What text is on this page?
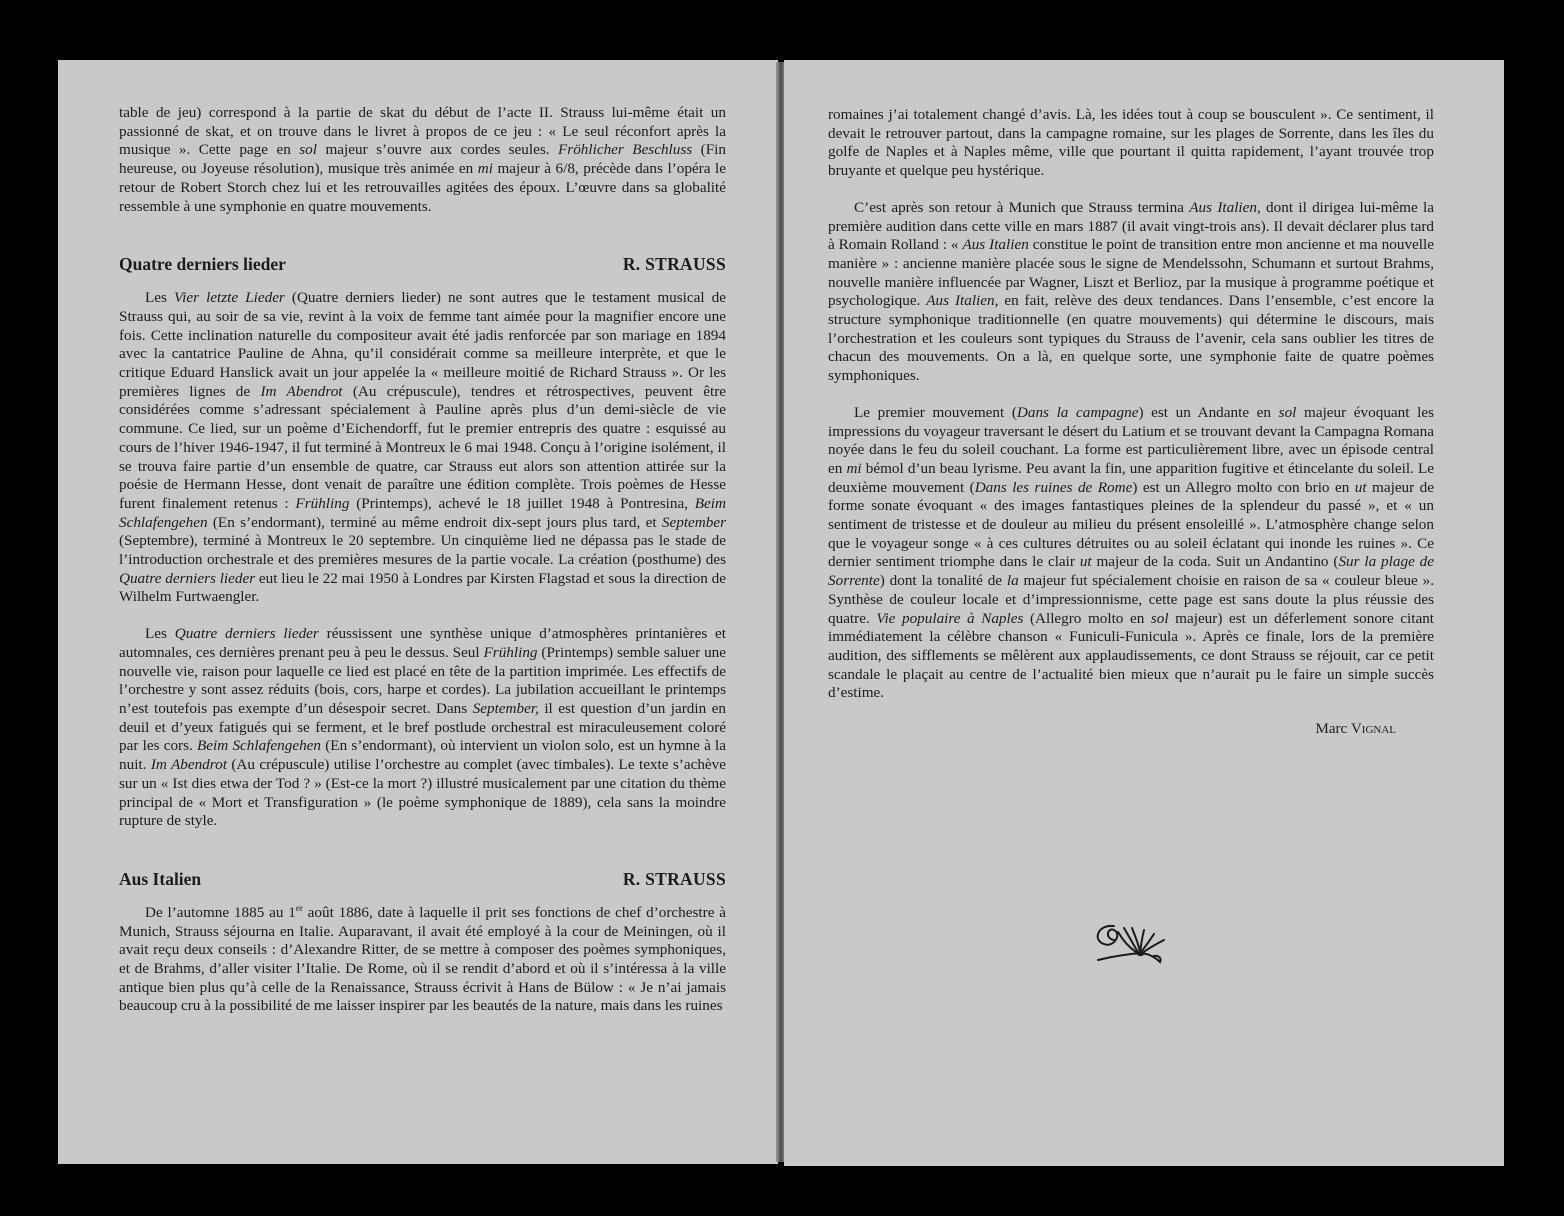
table de jeu) correspond à la partie de skat du début de l’acte II. Strauss lui-même était un passionné de skat, et on trouve dans le livret à propos de ce jeu : « Le seul réconfort après la musique ». Cette page en sol majeur s’ouvre aux cordes seules. Fröhlicher Beschluss (Fin heureuse, ou Joyeuse résolution), musique très animée en mi majeur à 6/8, précède dans l’opéra le retour de Robert Storch chez lui et les retrouvailles agitées des époux. L’œuvre dans sa globalité ressemble à une symphonie en quatre mouvements.

Quatre derniers lieder	R. STRAUSS

Les Vier letzte Lieder (Quatre derniers lieder) ne sont autres que le testament musical de Strauss qui, au soir de sa vie, revint à la voix de femme tant aimée pour la magnifier encore une fois. Cette inclination naturelle du compositeur avait été jadis renforcée par son mariage en 1894 avec la cantatrice Pauline de Ahna, qu’il considérait comme sa meilleure interprète, et que le critique Eduard Hanslick avait un jour appelée la « meilleure moitié de Richard Strauss ». Or les premières lignes de Im Abendrot (Au crépuscule), tendres et rétrospectives, peuvent être considérées comme s’adressant spécialement à Pauline après plus d’un demi-siècle de vie commune. Ce lied, sur un poème d’Eichendorff, fut le premier entrepris des quatre : esquissé au cours de l’hiver 1946-1947, il fut terminé à Montreux le 6 mai 1948. Conçu à l’origine isolément, il se trouva faire partie d’un ensemble de quatre, car Strauss eut alors son attention attirée sur la poésie de Hermann Hesse, dont venait de paraître une édition complète. Trois poèmes de Hesse furent finalement retenus : Frühling (Printemps), achevé le 18 juillet 1948 à Pontresina, Beim Schlafengehen (En s’endormant), terminé au même endroit dix-sept jours plus tard, et September (Septembre), terminé à Montreux le 20 septembre. Un cinquième lied ne dépassa pas le stade de l’introduction orchestrale et des premières mesures de la partie vocale. La création (posthume) des Quatre derniers lieder eut lieu le 22 mai 1950 à Londres par Kirsten Flagstad et sous la direction de Wilhelm Furtwaengler.

Les Quatre derniers lieder réussissent une synthèse unique d’atmosphères printanières et automnales, ces dernières prenant peu à peu le dessus. Seul Frühling (Printemps) semble saluer une nouvelle vie, raison pour laquelle ce lied est placé en tête de la partition imprimée. Les effectifs de l’orchestre y sont assez réduits (bois, cors, harpe et cordes). La jubilation accueillant le printemps n’est toutefois pas exempte d’un désespoir secret. Dans September, il est question d’un jardin en deuil et d’yeux fatigués qui se ferment, et le bref postlude orchestral est miraculeusement coloré par les cors. Beim Schlafengehen (En s’endormant), où intervient un violon solo, est un hymne à la nuit. Im Abendrot (Au crépuscule) utilise l’orchestre au complet (avec timbales). Le texte s’achève sur un « Ist dies etwa der Tod ? » (Est-ce la mort ?) illustré musicalement par une citation du thème principal de « Mort et Transfiguration » (le poème symphonique de 1889), cela sans la moindre rupture de style.

Aus Italien	R. STRAUSS

De l’automne 1885 au 1er août 1886, date à laquelle il prit ses fonctions de chef d’orchestre à Munich, Strauss séjourna en Italie. Auparavant, il avait été employé à la cour de Meiningen, où il avait reçu deux conseils : d’Alexandre Ritter, de se mettre à composer des poèmes symphoniques, et de Brahms, d’aller visiter l’Italie. De Rome, où il se rendit d’abord et où il s’intéressa à la ville antique bien plus qu’à celle de la Renaissance, Strauss écrivit à Hans de Bülow : « Je n’ai jamais beaucoup cru à la possibilité de me laisser inspirer par les beautés de la nature, mais dans les ruines

romaines j’ai totalement changé d’avis. Là, les idées tout à coup se bousculent ». Ce sentiment, il devait le retrouver partout, dans la campagne romaine, sur les plages de Sorrente, dans les îles du golfe de Naples et à Naples même, ville que pourtant il quitta rapidement, l’ayant trouvée trop bruyante et quelque peu hystérique.

C’est après son retour à Munich que Strauss termina Aus Italien, dont il dirigea lui-même la première audition dans cette ville en mars 1887 (il avait vingt-trois ans). Il devait déclarer plus tard à Romain Rolland : « Aus Italien constitue le point de transition entre mon ancienne et ma nouvelle manière » : ancienne manière placée sous le signe de Mendelssohn, Schumann et surtout Brahms, nouvelle manière influencée par Wagner, Liszt et Berlioz, par la musique à programme poétique et psychologique. Aus Italien, en fait, relève des deux tendances. Dans l’ensemble, c’est encore la structure symphonique traditionnelle (en quatre mouvements) qui détermine le discours, mais l’orchestration et les couleurs sont typiques du Strauss de l’avenir, cela sans oublier les titres de chacun des mouvements. On a là, en quelque sorte, une symphonie faite de quatre poèmes symphoniques.

Le premier mouvement (Dans la campagne) est un Andante en sol majeur évoquant les impressions du voyageur traversant le désert du Latium et se trouvant devant la Campagna Romana noyée dans le feu du soleil couchant. La forme est particulièrement libre, avec un épisode central en mi bémol d’un beau lyrisme. Peu avant la fin, une apparition fugitive et étincelante du soleil. Le deuxième mouvement (Dans les ruines de Rome) est un Allegro molto con brio en ut majeur de forme sonate évoquant « des images fantastiques pleines de la splendeur du passé », et « un sentiment de tristesse et de douleur au milieu du présent ensoleillé ». L’atmosphère change selon que le voyageur songe « à ces cultures détruites ou au soleil éclatant qui inonde les ruines ». Ce dernier sentiment triomphe dans le clair ut majeur de la coda. Suit un Andantino (Sur la plage de Sorrente) dont la tonalité de la majeur fut spécialement choisie en raison de sa « couleur bleue ». Synthèse de couleur locale et d’impressionnisme, cette page est sans doute la plus réussie des quatre. Vie populaire à Naples (Allegro molto en sol majeur) est un déferlement sonore citant immédiatement la célèbre chanson « Funiculi-Funicula ». Après ce finale, lors de la première audition, des sifflements se mêlèrent aux applaudissements, ce dont Strauss se réjouit, car ce petit scandale le plaçait au centre de l’actualité bien mieux que n’aurait pu le faire un simple succès d’estime.

Marc Vignal
